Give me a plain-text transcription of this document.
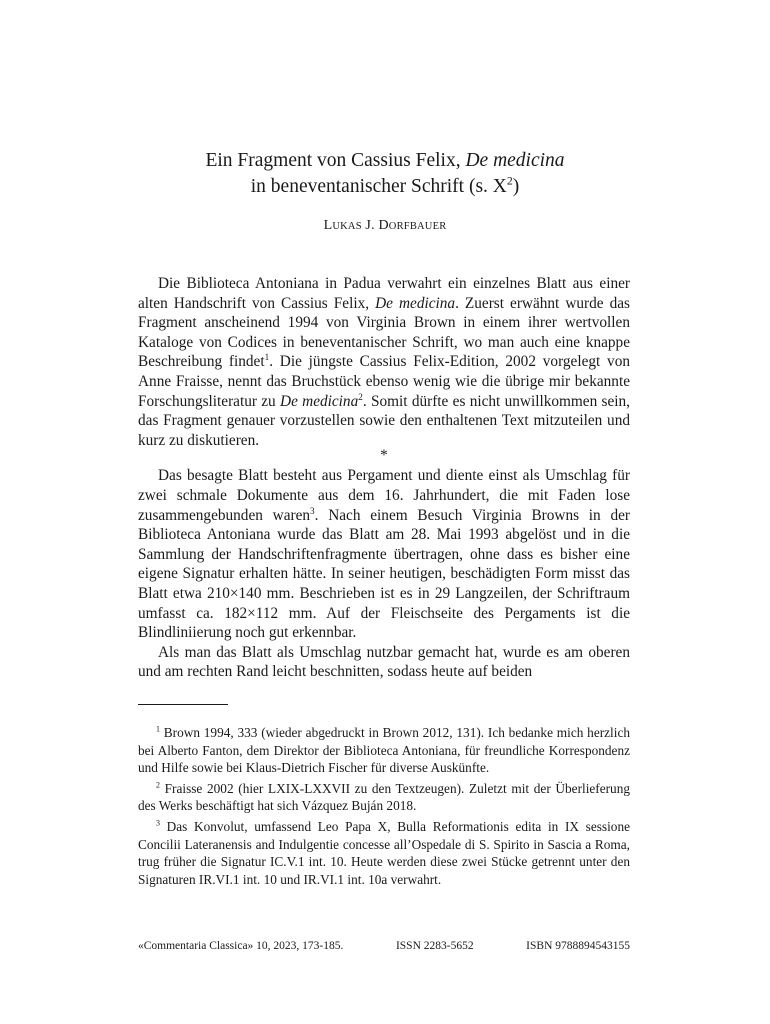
Ein Fragment von Cassius Felix, De medicina
in beneventanischer Schrift (s. $X^2$)
LUKAS J. DORFBAUER

Die Biblioteca Antoniana in Padua verwahrt ein einzelnes Blatt aus einer alten Handschrift von Cassius Felix, De medicina. Zuerst erwähnt wurde das Fragment anscheinend 1994 von Virginia Brown in einem ihrer wertvollen Kataloge von Codices in beneventanischer Schrift, wo man auch eine knappe Beschreibung findet$^1$. Die jüngste Cassius Felix-Edition, 2002 vorgelegt von Anne Fraisse, nennt das Bruchstück ebenso wenig wie die übrige mir bekannte Forschungsliteratur zu De medicina$^2$. Somit dürfte es nicht unwillkommen sein, das Fragment genauer vorzustellen sowie den enthaltenen Text mitzuteilen und kurz zu diskutieren.

*

Das besagte Blatt besteht aus Pergament und diente einst als Umschlag für zwei schmale Dokumente aus dem 16. Jahrhundert, die mit Faden lose zusammengebunden waren$^3$. Nach einem Besuch Virginia Browns in der Biblioteca Antoniana wurde das Blatt am 28. Mai 1993 abgelöst und in die Sammlung der Handschriftenfragmente übertragen, ohne dass es bisher eine eigene Signatur erhalten hätte. In seiner heutigen, beschädigten Form misst das Blatt etwa 210×140 mm. Beschrieben ist es in 29 Langzeilen, der Schriftraum umfasst ca. 182×112 mm. Auf der Fleischseite des Pergaments ist die Blindliniierung noch gut erkennbar.

Als man das Blatt als Umschlag nutzbar gemacht hat, wurde es am oberen und am rechten Rand leicht beschnitten, sodass heute auf beiden

$^1$ Brown 1994, 333 (wieder abgedruckt in Brown 2012, 131). Ich bedanke mich herzlich bei Alberto Fanton, dem Direktor der Biblioteca Antoniana, für freundliche Korrespondenz und Hilfe sowie bei Klaus-Dietrich Fischer für diverse Auskünfte.

$^2$ Fraisse 2002 (hier LXIX-LXXVII zu den Textzeugen). Zuletzt mit der Überlieferung des Werks beschäftigt hat sich Vázquez Buján 2018.

$^3$ Das Konvolut, umfassend Leo Papa X, Bulla Reformationis edita in IX sessione Concilii Lateranensis and Indulgentie concesse all’Ospedale di S. Spirito in Sascia a Roma, trug früher die Signatur IC.V.1 int. 10. Heute werden diese zwei Stücke getrennt unter den Signaturen IR.VI.1 int. 10 und IR.VI.1 int. 10a verwahrt.

«Commentaria Classica» 10, 2023, 173-185.	ISSN 2283-5652	ISBN 9788894543155
